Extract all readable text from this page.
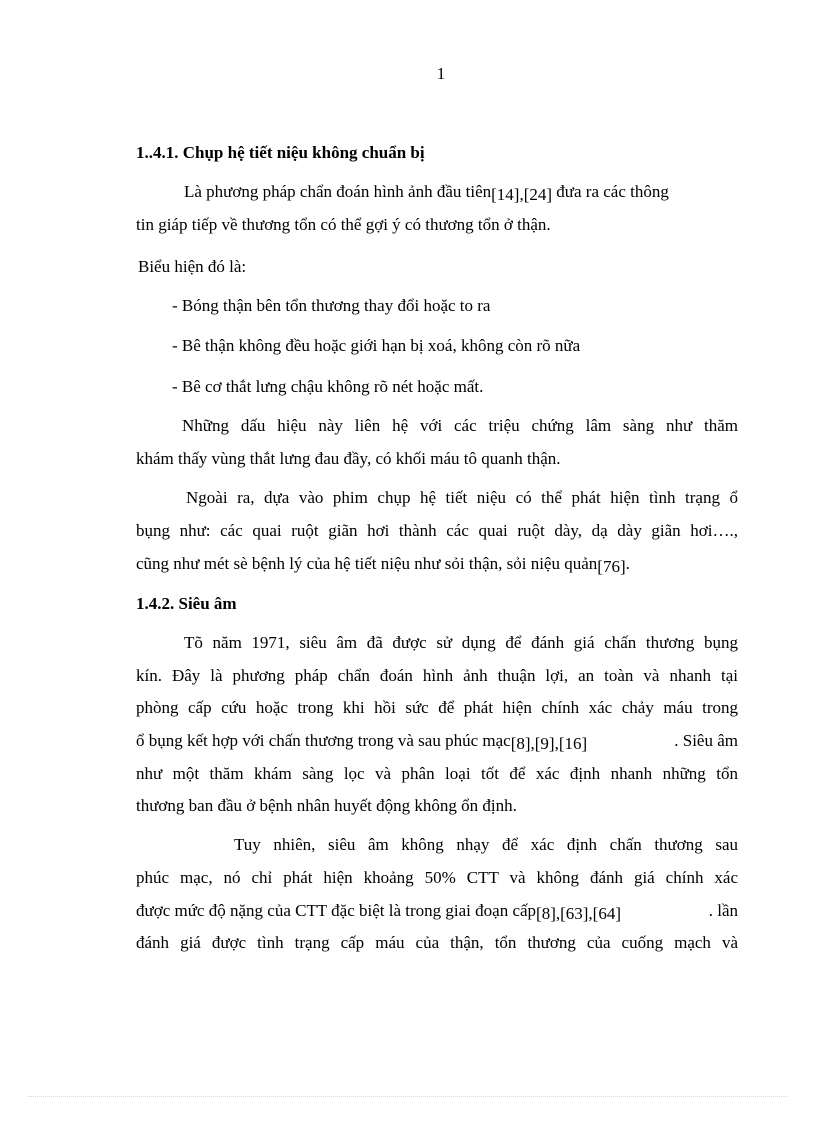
1
1..4.1. Chụp hệ tiết niệu không chuẩn bị
Là phương pháp chẩn đoán hình ảnh đầu tiên[14],[24] đưa ra các thông
tin giáp tiếp về thương tổn có thể gợi ý có thương tổn ở thận.
Biểu hiện đó là:
- Bóng thận bên tổn thương thay đổi hoặc to ra
- Bê thận không đều hoặc giới hạn bị xoá, không còn rõ nữa
- Bê cơ thắt lưng chậu không rõ nét hoặc mất.
Những dấu hiệu này liên hệ với các triệu chứng lâm sàng như thăm
khám thấy vùng thắt lưng đau đầy, có khối máu tô quanh thận.
Ngoài ra, dựa vào phim chụp hệ tiết niệu có thể phát hiện tình trạng ổ
bụng như: các quai ruột giãn hơi thành các quai ruột dày, dạ dày giãn hơi….,
cũng như mét sè bệnh lý của hệ tiết niệu như sỏi thận, sỏi niệu quản[76].
1.4.2. Siêu âm
Tõ năm 1971, siêu âm đã được sử dụng để đánh giá chấn thương bụng
kín. Đây là phương pháp chẩn đoán hình ảnh thuận lợi, an toàn và nhanh tại
phòng cấp cứu hoặc trong khi hồi sức để phát hiện chính xác chảy máu trong
ổ bụng kết hợp với chấn thương trong và sau phúc mạc[8],[9],[16]	. Siêu âm
như một thăm khám sàng lọc và phân loại tốt để xác định nhanh những tổn
thương ban đầu ở bệnh nhân huyết động không ổn định.
Tuy nhiên, siêu âm không nhạy để xác định chấn thương sau
phúc mạc, nó chỉ phát hiện khoảng 50% CTT và không đánh giá chính xác
được mức độ nặng của CTT đặc biệt là trong giai đoạn cấp[8],[63],[64]	. lần
đánh giá được tình trạng cấp máu của thận, tổn thương của cuống mạch và
